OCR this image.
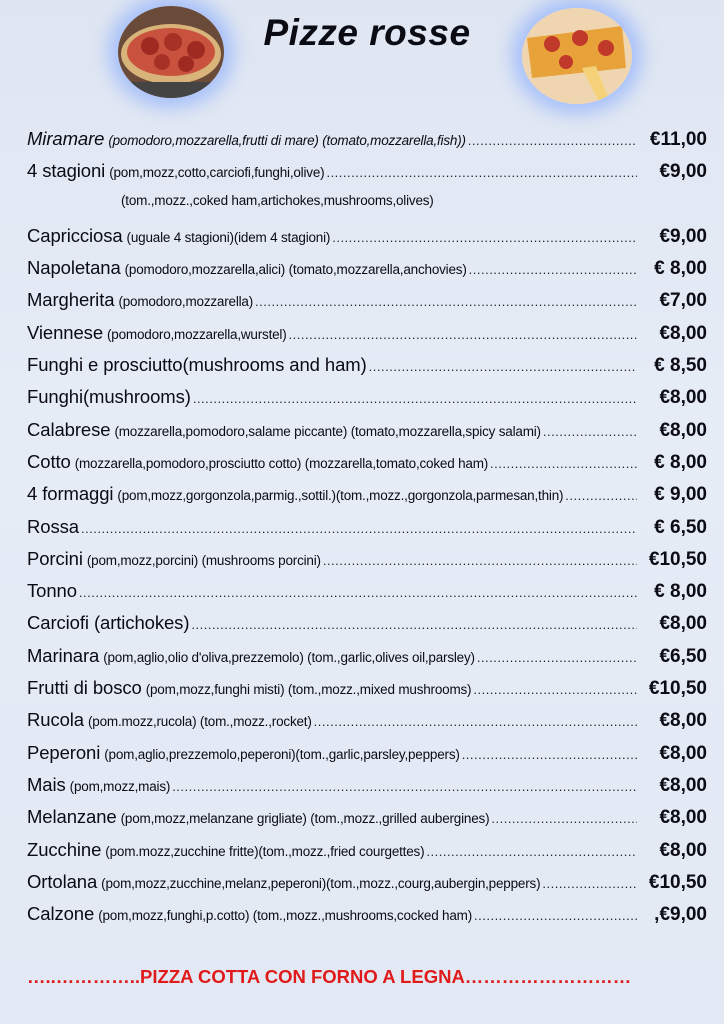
Pizze rosse
Miramare (pomodoro,mozzarella,frutti di mare) (tomato,mozzarella,fish)) .....	€11,00
4 stagioni (pom,mozz,cotto,carciofi,funghi,olive) .....	€9,00
(tom.,mozz.,coked ham,artichokes,mushrooms,olives)
Capricciosa (uguale 4 stagioni)(idem 4 stagioni) .....	€9,00
Napoletana (pomodoro,mozzarella,alici) (tomato,mozzarella,anchovies) .....	€ 8,00
Margherita (pomodoro,mozzarella) .....	€7,00
Viennese (pomodoro,mozzarella,wurstel) .....	€8,00
Funghi e prosciutto(mushrooms and ham) .....	€ 8,50
Funghi(mushrooms) .....	€8,00
Calabrese (mozzarella,pomodoro,salame piccante) (tomato,mozzarella,spicy salami) .....	€8,00
Cotto (mozzarella,pomodoro,prosciutto cotto) (mozzarella,tomato,coked ham) .....	€ 8,00
4 formaggi (pom,mozz,gorgonzola,parmig.,sottil.)(tom.,mozz.,gorgonzola,parmesan,thin) .....	€ 9,00
Rossa .....	€ 6,50
Porcini (pom,mozz,porcini) (mushrooms porcini) .....	€10,50
Tonno .....	€ 8,00
Carciofi (artichokes) .....	€8,00
Marinara (pom,aglio,olio d'oliva,prezzemolo) (tom.,garlic,olives oil,parsley) .....	€6,50
Frutti di bosco (pom,mozz,funghi misti) (tom.,mozz.,mixed mushrooms) .....	€10,50
Rucola (pom.mozz,rucola) (tom.,mozz.,rocket) .....	€8,00
Peperoni (pom,aglio,prezzemolo,peperoni)(tom.,garlic,parsley,peppers) .....	€8,00
Mais (pom,mozz,mais) .....	€8,00
Melanzane (pom,mozz,melanzane grigliate) (tom.,mozz.,grilled aubergines) .....	€8,00
Zucchine (pom.mozz,zucchine fritte)(tom.,mozz.,fried courgettes) .....	€8,00
Ortolana (pom,mozz,zucchine,melanz,peperoni)(tom.,mozz.,courg,aubergin,peppers) .....	€10,50
Calzone (pom,mozz,funghi,p.cotto) (tom.,mozz.,mushrooms,cocked ham) .....	,€9,00
…..…………..PIZZA COTTA CON FORNO A LEGNA………………………
